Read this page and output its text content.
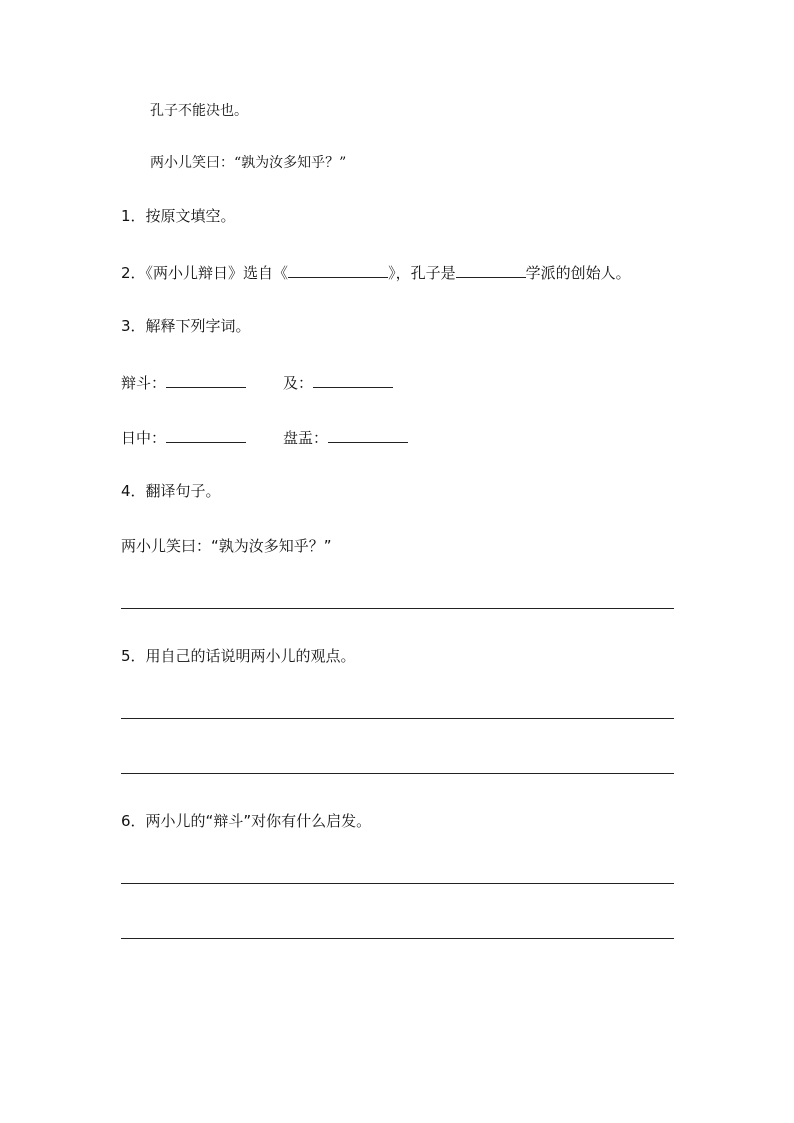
孔子不能决也。
两小儿笑曰：“孰为汝多知乎？”
1．按原文填空。
2．《两小儿辩日》选自《	》，孔子是	学派的创始人。
3．解释下列字词。
辩斗：	及：
日中：	盘盂：
4．翻译句子。
两小儿笑曰：“孰为汝多知乎？”
5．用自己的话说明两小儿的观点。
6．两小儿的“辩斗”对你有什么启发。
